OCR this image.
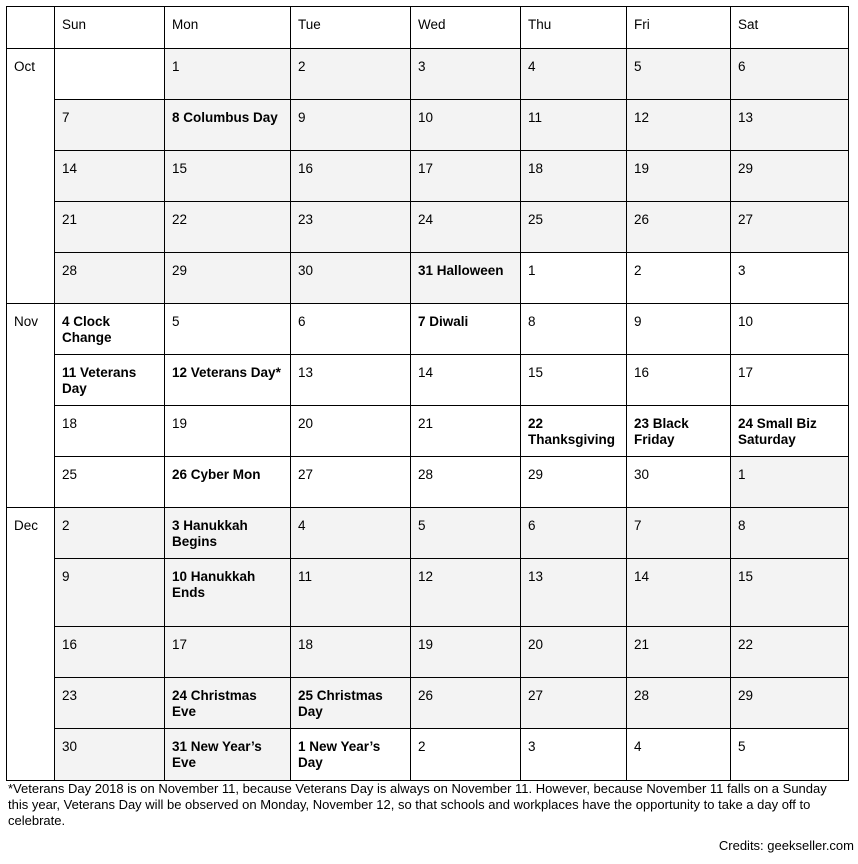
	Sun	Mon	Tue	Wed	Thu	Fri	Sat
Oct		1	2	3	4	5	6
	7	8 Columbus Day	9	10	11	12	13
	14	15	16	17	18	19	29
	21	22	23	24	25	26	27
	28	29	30	31 Halloween	1	2	3
Nov	4 Clock Change	5	6	7 Diwali	8	9	10
	11 Veterans Day	12 Veterans Day*	13	14	15	16	17
	18	19	20	21	22 Thanksgiving	23 Black Friday	24 Small Biz Saturday
	25	26 Cyber Mon	27	28	29	30	1
Dec	2	3 Hanukkah Begins	4	5	6	7	8
	9	10 Hanukkah Ends	11	12	13	14	15
	16	17	18	19	20	21	22
	23	24 Christmas Eve	25 Christmas Day	26	27	28	29
	30	31 New Year’s Eve	1 New Year’s Day	2	3	4	5
*Veterans Day 2018 is on November 11, because Veterans Day is always on November 11. However, because November 11 falls on a Sunday this year, Veterans Day will be observed on Monday, November 12, so that schools and workplaces have the opportunity to take a day off to celebrate.
Credits: geekseller.com
